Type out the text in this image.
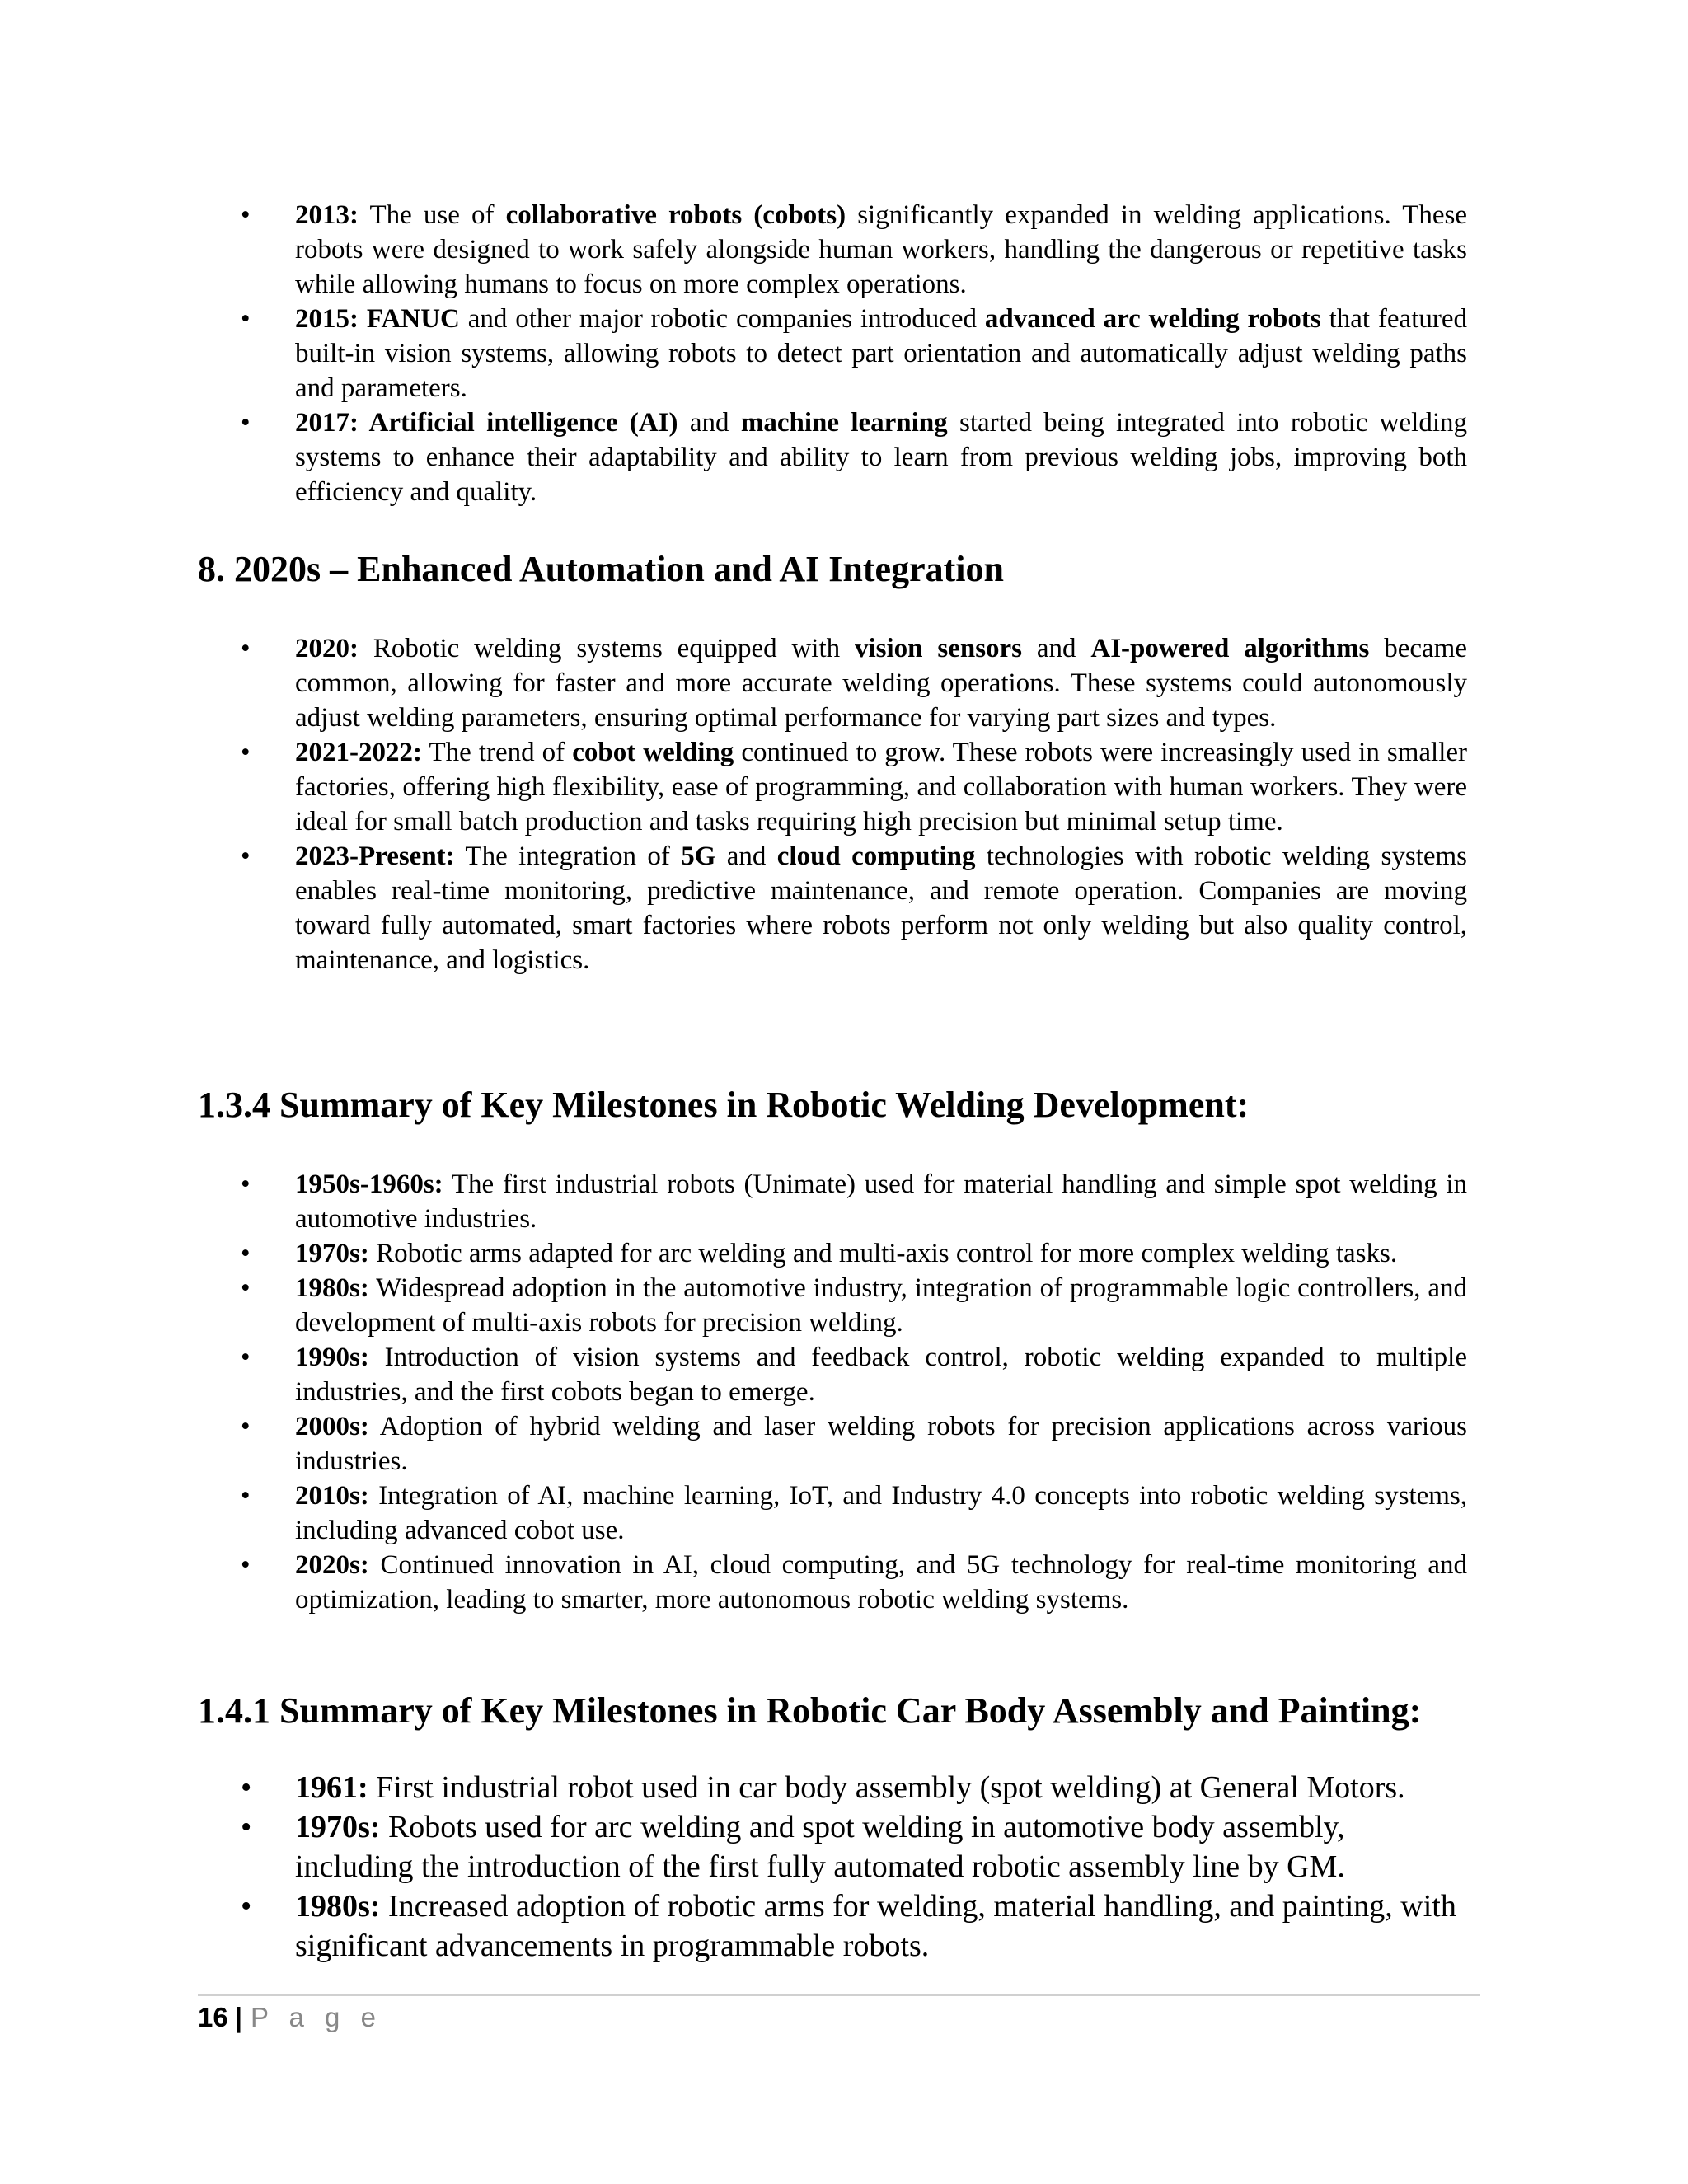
• 2013: The use of collaborative robots (cobots) significantly expanded in welding applications. These robots were designed to work safely alongside human workers, handling the dangerous or repetitive tasks while allowing humans to focus on more complex operations.
• 2015: FANUC and other major robotic companies introduced advanced arc welding robots that featured built-in vision systems, allowing robots to detect part orientation and automatically adjust welding paths and parameters.
• 2017: Artificial intelligence (AI) and machine learning started being integrated into robotic welding systems to enhance their adaptability and ability to learn from previous welding jobs, improving both efficiency and quality.
8. 2020s – Enhanced Automation and AI Integration
• 2020: Robotic welding systems equipped with vision sensors and AI-powered algorithms became common, allowing for faster and more accurate welding operations. These systems could autonomously adjust welding parameters, ensuring optimal performance for varying part sizes and types.
• 2021-2022: The trend of cobot welding continued to grow. These robots were increasingly used in smaller factories, offering high flexibility, ease of programming, and collaboration with human workers. They were ideal for small batch production and tasks requiring high precision but minimal setup time.
• 2023-Present: The integration of 5G and cloud computing technologies with robotic welding systems enables real-time monitoring, predictive maintenance, and remote operation. Companies are moving toward fully automated, smart factories where robots perform not only welding but also quality control, maintenance, and logistics.
1.3.4 Summary of Key Milestones in Robotic Welding Development:
• 1950s-1960s: The first industrial robots (Unimate) used for material handling and simple spot welding in automotive industries.
• 1970s: Robotic arms adapted for arc welding and multi-axis control for more complex welding tasks.
• 1980s: Widespread adoption in the automotive industry, integration of programmable logic controllers, and development of multi-axis robots for precision welding.
• 1990s: Introduction of vision systems and feedback control, robotic welding expanded to multiple industries, and the first cobots began to emerge.
• 2000s: Adoption of hybrid welding and laser welding robots for precision applications across various industries.
• 2010s: Integration of AI, machine learning, IoT, and Industry 4.0 concepts into robotic welding systems, including advanced cobot use.
• 2020s: Continued innovation in AI, cloud computing, and 5G technology for real-time monitoring and optimization, leading to smarter, more autonomous robotic welding systems.
1.4.1 Summary of Key Milestones in Robotic Car Body Assembly and Painting:
• 1961: First industrial robot used in car body assembly (spot welding) at General Motors.
• 1970s: Robots used for arc welding and spot welding in automotive body assembly, including the introduction of the first fully automated robotic assembly line by GM.
• 1980s: Increased adoption of robotic arms for welding, material handling, and painting, with significant advancements in programmable robots.
16 | P a g e
